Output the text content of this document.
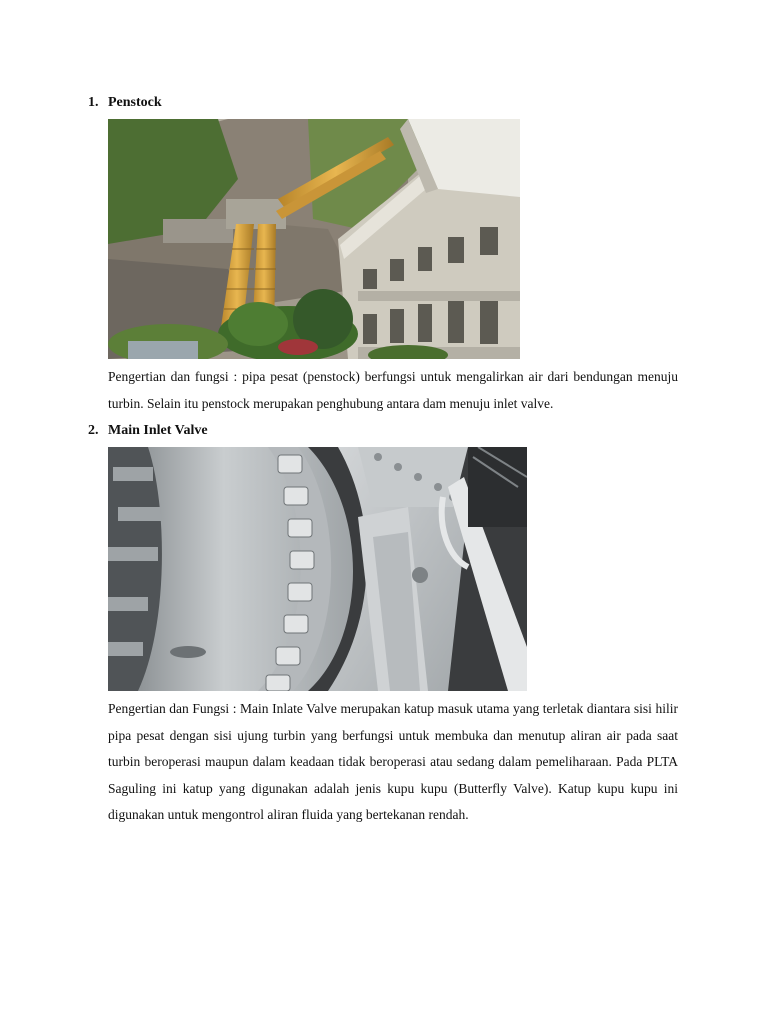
1. Penstock

Pengertian dan fungsi : pipa pesat (penstock) berfungsi untuk mengalirkan air dari bendungan menuju turbin. Selain itu penstock merupakan penghubung antara dam menuju inlet valve.

2. Main Inlet Valve

Pengertian dan Fungsi : Main Inlate Valve merupakan katup masuk utama yang terletak diantara sisi hilir pipa pesat dengan sisi ujung turbin yang berfungsi untuk membuka dan menutup aliran air pada saat turbin beroperasi maupun dalam keadaan tidak beroperasi atau sedang dalam pemeliharaan. Pada PLTA Saguling ini katup yang digunakan adalah jenis kupu kupu (Butterfly Valve). Katup kupu kupu ini digunakan untuk mengontrol aliran fluida yang bertekanan rendah.
